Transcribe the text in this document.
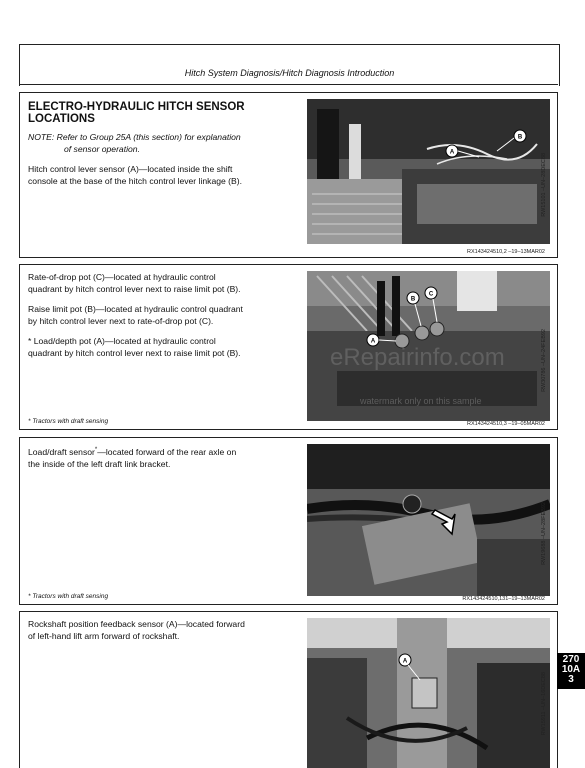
Hitch System Diagnosis/Hitch Diagnosis Introduction
ELECTRO-HYDRAULIC HITCH SENSOR
LOCATIONS
NOTE: Refer to Group 25A (this section) for explanation
of sensor operation.

Hitch control lever sensor (A)—located inside the shift
console at the base of the hitch control lever linkage (B).

A
B
RW15101 –UN–28DEC88
RX143424510,2 –19–13MAR02

Rate-of-drop pot (C)—located at hydraulic control
quadrant by hitch control lever next to raise limit pot (B).

Raise limit pot (B)—located at hydraulic control quadrant
by hitch control lever next to rate-of-drop pot (C).

* Load/depth pot (A)—located at hydraulic control
quadrant by hitch control lever next to raise limit pot (B).

* Tractors with draft sensing
A
B
C
RW30786 –UN–24FEB92
RX143424510,3 –19–05MAR02

Load/draft sensor*—located forward of the rear axle on
the inside of the left draft link bracket.

* Tractors with draft sensing
RW19688 –UN–28FEB92
RX143424510,131–19–13MAR02

Rockshaft position feedback sensor (A)—located forward
of left-hand lift arm forward of rockshaft.

A
RW15911 –UN–16DEC88
270
10A
3
eRepairinfo.com
watermark only on this sample
